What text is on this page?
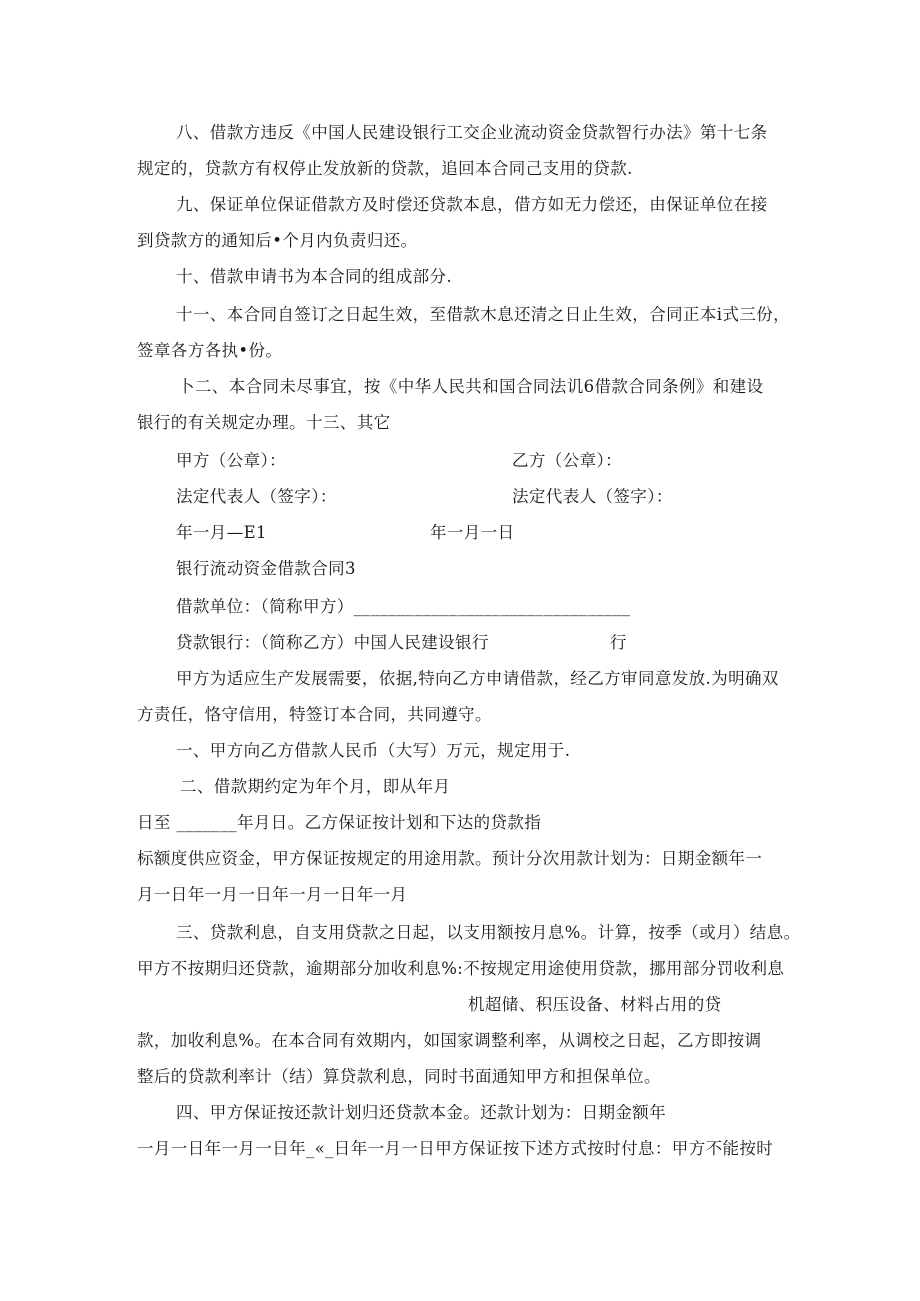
八、借款方违反《中国人民建设银行工交企业流动资金贷款智行办法》第十七条
规定的，贷款方有权停止发放新的贷款，追回本合同己支用的贷款.
九、保证单位保证借款方及时偿还贷款本息，借方如无力偿还，由保证单位在接
到贷款方的通知后•个月内负责归还。
十、借款申请书为本合同的组成部分.
十一、本合同自签订之日起生效，至借款木息还清之日止生效，合同正本i式三份，
签章各方各执•份。
卜二、本合同未尽事宜，按《中华人民共和国合同法讥6借款合同条例》和建设
银行的有关规定办理。十三、其它
甲方（公章）：	乙方（公章）：
法定代表人（签字）：	法定代表人（签字）：
年一月—E1	年一月一日
银行流动资金借款合同3
借款单位：（简称甲方）________________________________
贷款银行：（简称乙方）中国人民建设银行	行
甲方为适应生产发展需要，依据,特向乙方申请借款，经乙方审同意发放.为明确双
方责任，恪守信用，特签订本合同，共同遵守。
一、甲方向乙方借款人民币（大写）万元，规定用于.
二、借款期约定为年个月，即从年月
日至 _______年月日。乙方保证按计划和下达的贷款指
标额度供应资金，甲方保证按规定的用途用款。预计分次用款计划为：日期金额年一
月一日年一月一日年一月一日年一月
三、贷款利息，自支用贷款之日起，以支用额按月息%。计算，按季（或月）结息。
甲方不按期归还贷款，逾期部分加收利息%:不按规定用途使用贷款，挪用部分罚收利息
机超储、积压设备、材料占用的贷
款，加收利息%。在本合同有效期内，如国家调整利率，从调校之日起，乙方即按调
整后的贷款利率计（结）算贷款利息，同时书面通知甲方和担保单位。
四、甲方保证按还款计划归还贷款本金。还款计划为：日期金额年
一月一日年一月一日年_«_日年一月一日甲方保证按下述方式按时付息：甲方不能按时
